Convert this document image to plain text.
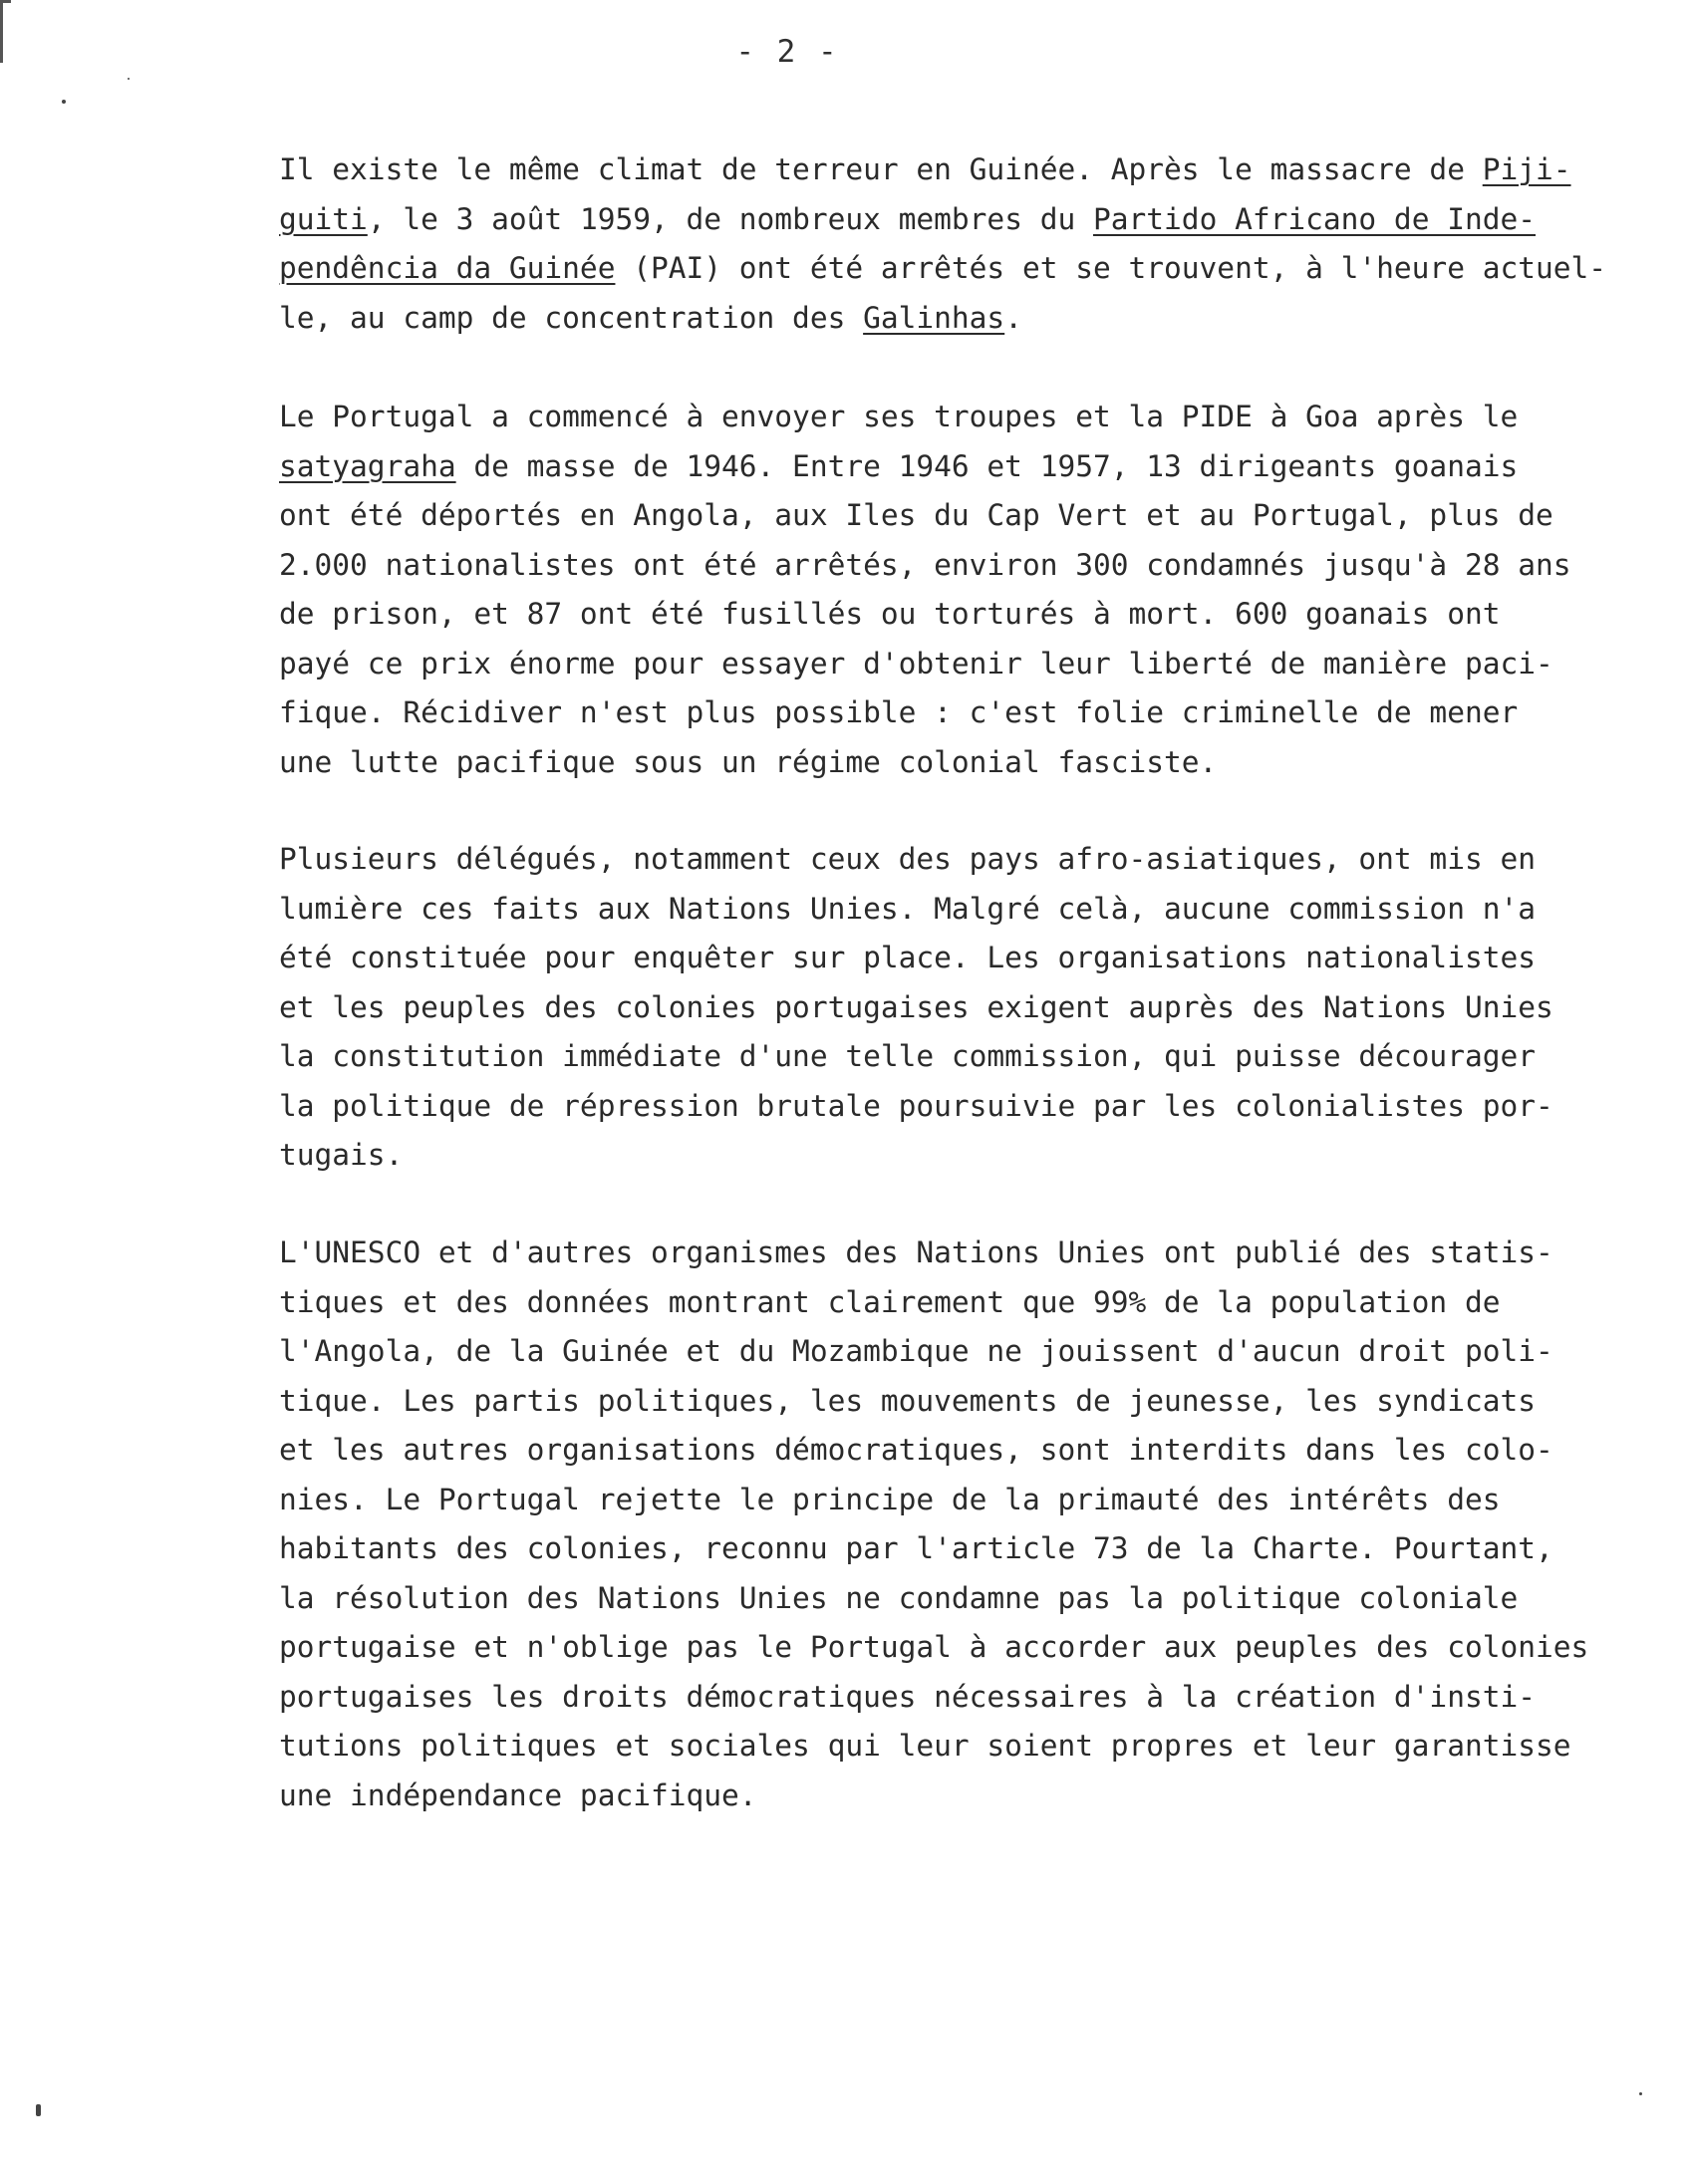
- 2 -
Il existe le même climat de terreur en Guinée. Après le massacre de Piji-
guiti, le 3 août 1959, de nombreux membres du Partido Africano de Inde-
pendência da Guinée (PAI) ont été arrêtés et se trouvent, à l'heure actuel-
le, au camp de concentration des Galinhas.
Le Portugal a commencé à envoyer ses troupes et la PIDE à Goa après le
satyagraha de masse de 1946. Entre 1946 et 1957, 13 dirigeants goanais
ont été déportés en Angola, aux Iles du Cap Vert et au Portugal, plus de
2.000 nationalistes ont été arrêtés, environ 300 condamnés jusqu'à 28 ans
de prison, et 87 ont été fusillés ou torturés à mort. 600 goanais ont
payé ce prix énorme pour essayer d'obtenir leur liberté de manière paci-
fique. Récidiver n'est plus possible : c'est folie criminelle de mener
une lutte pacifique sous un régime colonial fasciste.
Plusieurs délégués, notamment ceux des pays afro-asiatiques, ont mis en
lumière ces faits aux Nations Unies. Malgré celà, aucune commission n'a
été constituée pour enquêter sur place. Les organisations nationalistes
et les peuples des colonies portugaises exigent auprès des Nations Unies
la constitution immédiate d'une telle commission, qui puisse décourager
la politique de répression brutale poursuivie par les colonialistes por-
tugais.
L'UNESCO et d'autres organismes des Nations Unies ont publié des statis-
tiques et des données montrant clairement que 99% de la population de
l'Angola, de la Guinée et du Mozambique ne jouissent d'aucun droit poli-
tique. Les partis politiques, les mouvements de jeunesse, les syndicats
et les autres organisations démocratiques, sont interdits dans les colo-
nies. Le Portugal rejette le principe de la primauté des intérêts des
habitants des colonies, reconnu par l'article 73 de la Charte. Pourtant,
la résolution des Nations Unies ne condamne pas la politique coloniale
portugaise et n'oblige pas le Portugal à accorder aux peuples des colonies
portugaises les droits démocratiques nécessaires à la création d'insti-
tutions politiques et sociales qui leur soient propres et leur garantisse
une indépendance pacifique.
